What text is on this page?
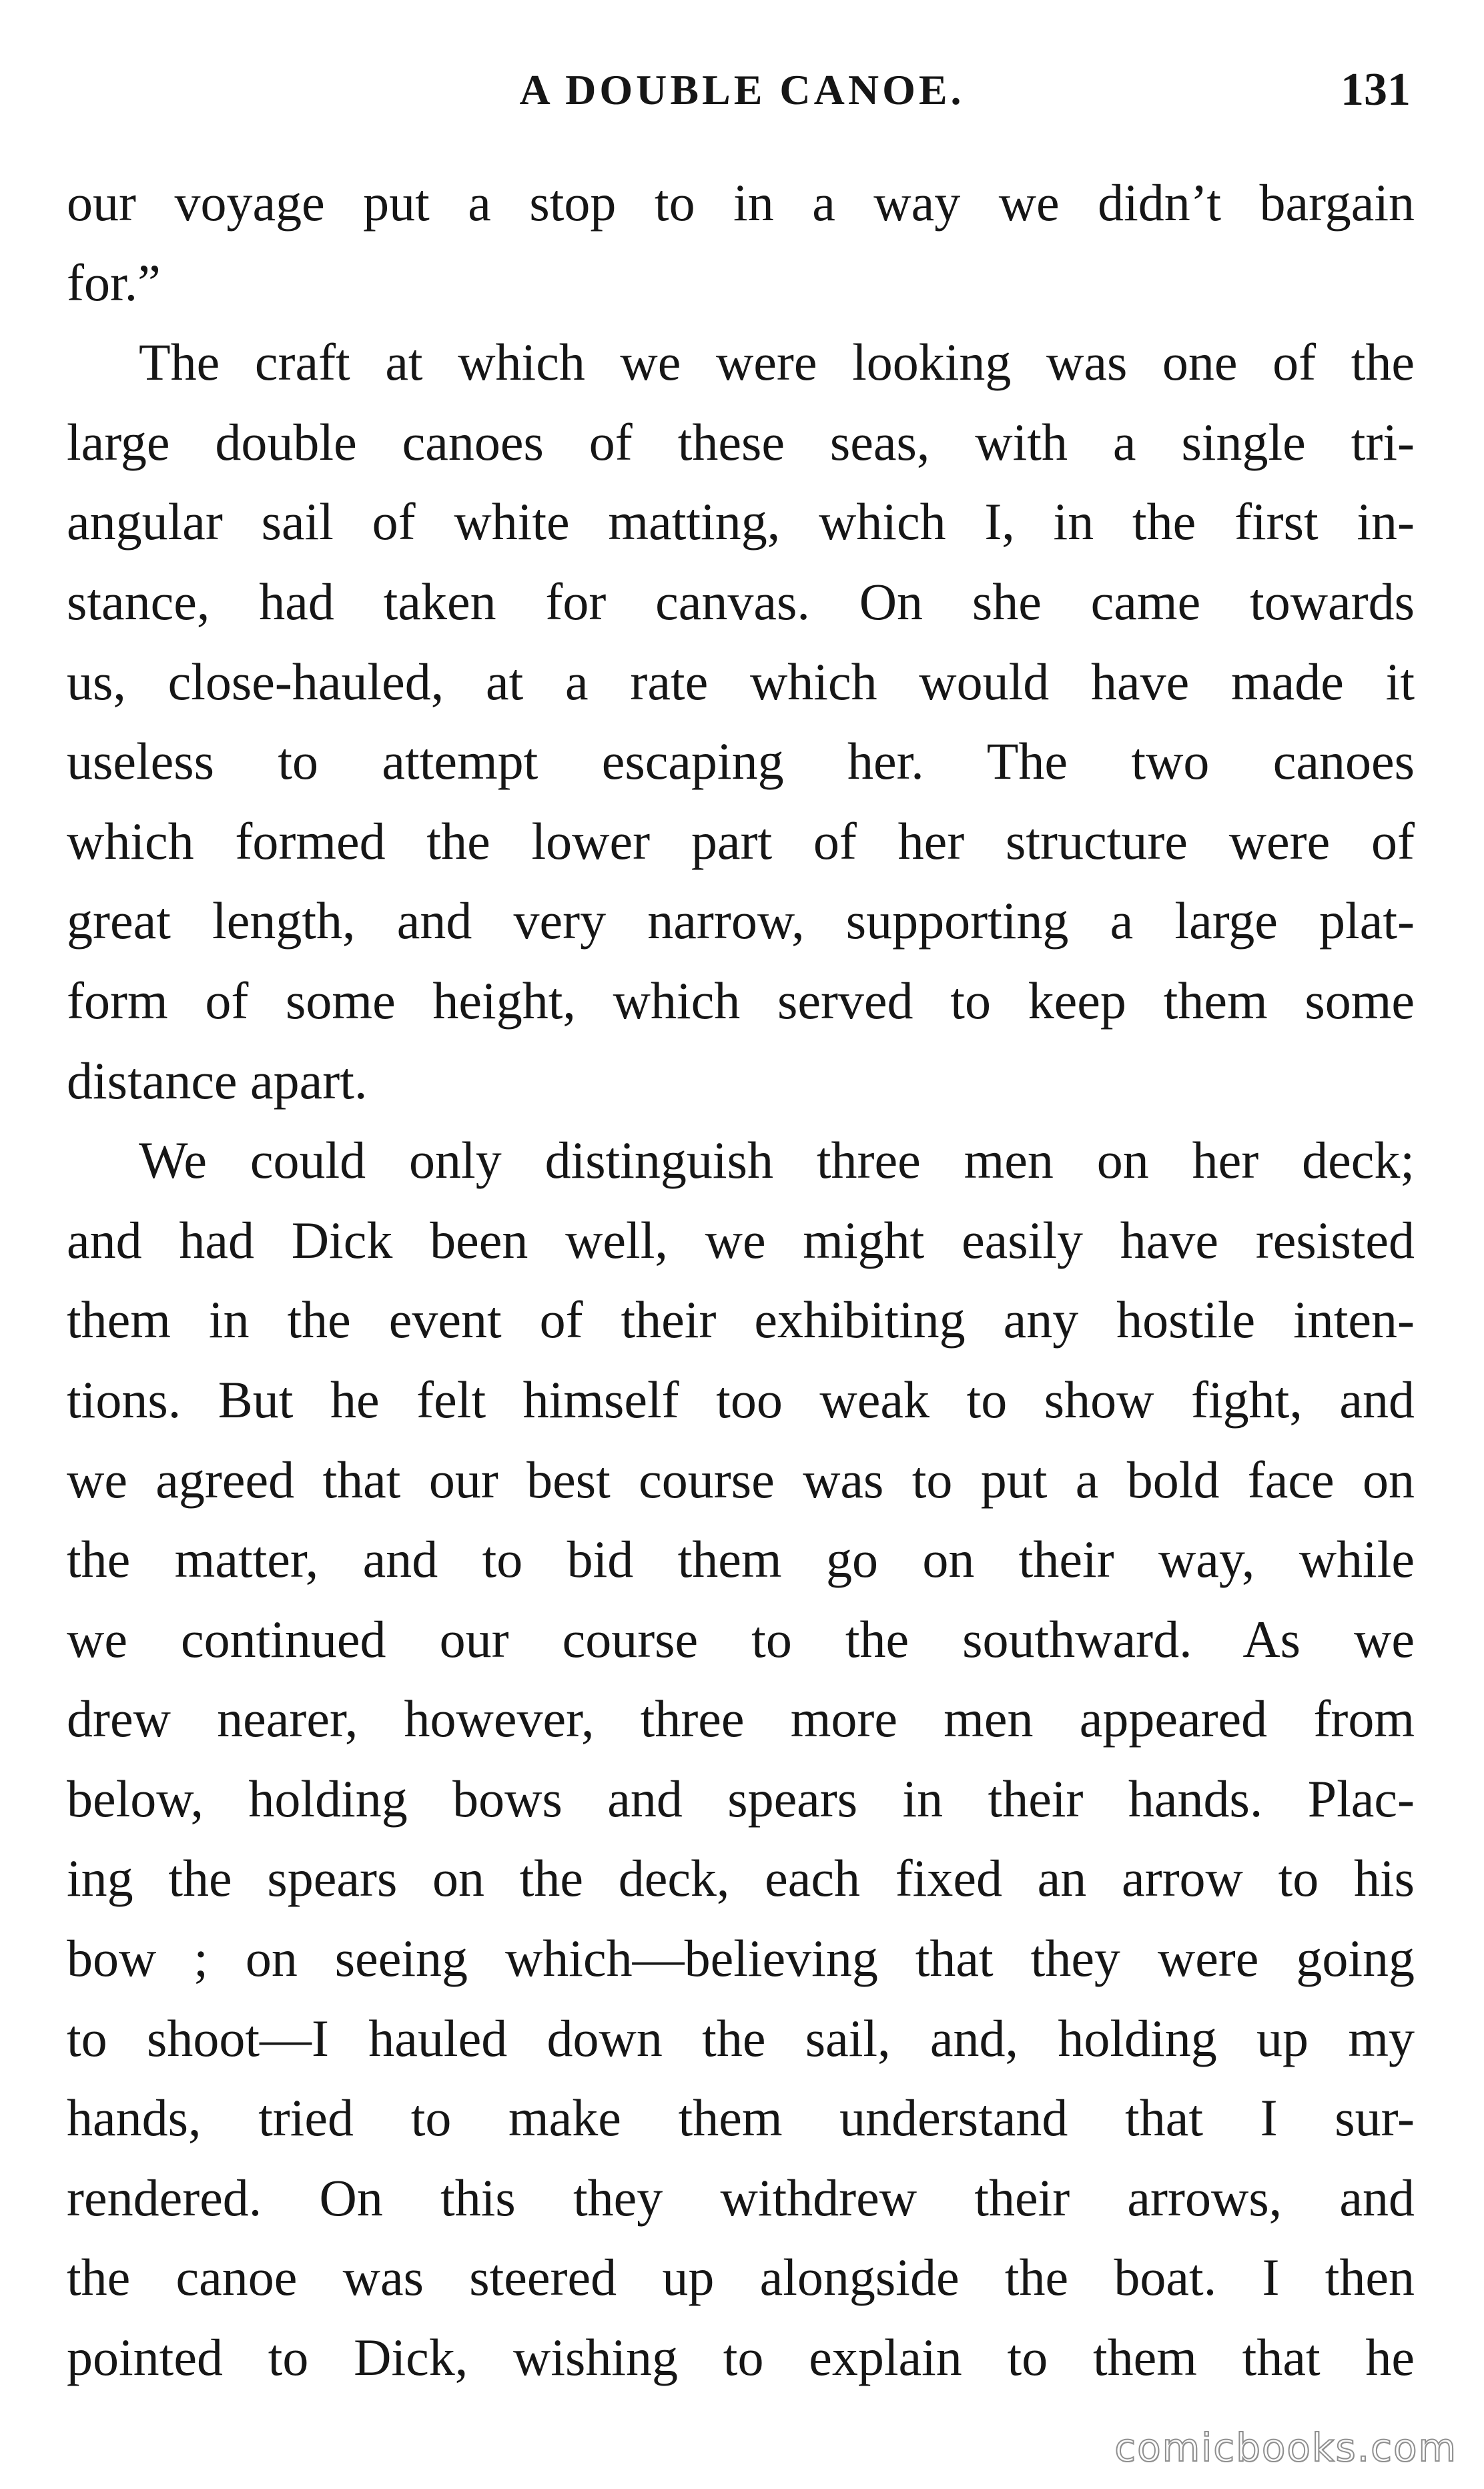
A DOUBLE CANOE.	131
our voyage put a stop to in a way we didn’t bargain
for.”
The craft at which we were looking was one of the
large double canoes of these seas, with a single tri-
angular sail of white matting, which I, in the first in-
stance, had taken for canvas. On she came towards
us, close-hauled, at a rate which would have made it
useless to attempt escaping her. The two canoes
which formed the lower part of her structure were of
great length, and very narrow, supporting a large plat-
form of some height, which served to keep them some
distance apart.
We could only distinguish three men on her deck;
and had Dick been well, we might easily have resisted
them in the event of their exhibiting any hostile inten-
tions. But he felt himself too weak to show fight, and
we agreed that our best course was to put a bold face on
the matter, and to bid them go on their way, while
we continued our course to the southward. As we
drew nearer, however, three more men appeared from
below, holding bows and spears in their hands. Plac-
ing the spears on the deck, each fixed an arrow to his
bow ; on seeing which—believing that they were going
to shoot—I hauled down the sail, and, holding up my
hands, tried to make them understand that I sur-
rendered. On this they withdrew their arrows, and
the canoe was steered up alongside the boat. I then
pointed to Dick, wishing to explain to them that he
comicbooks.com
